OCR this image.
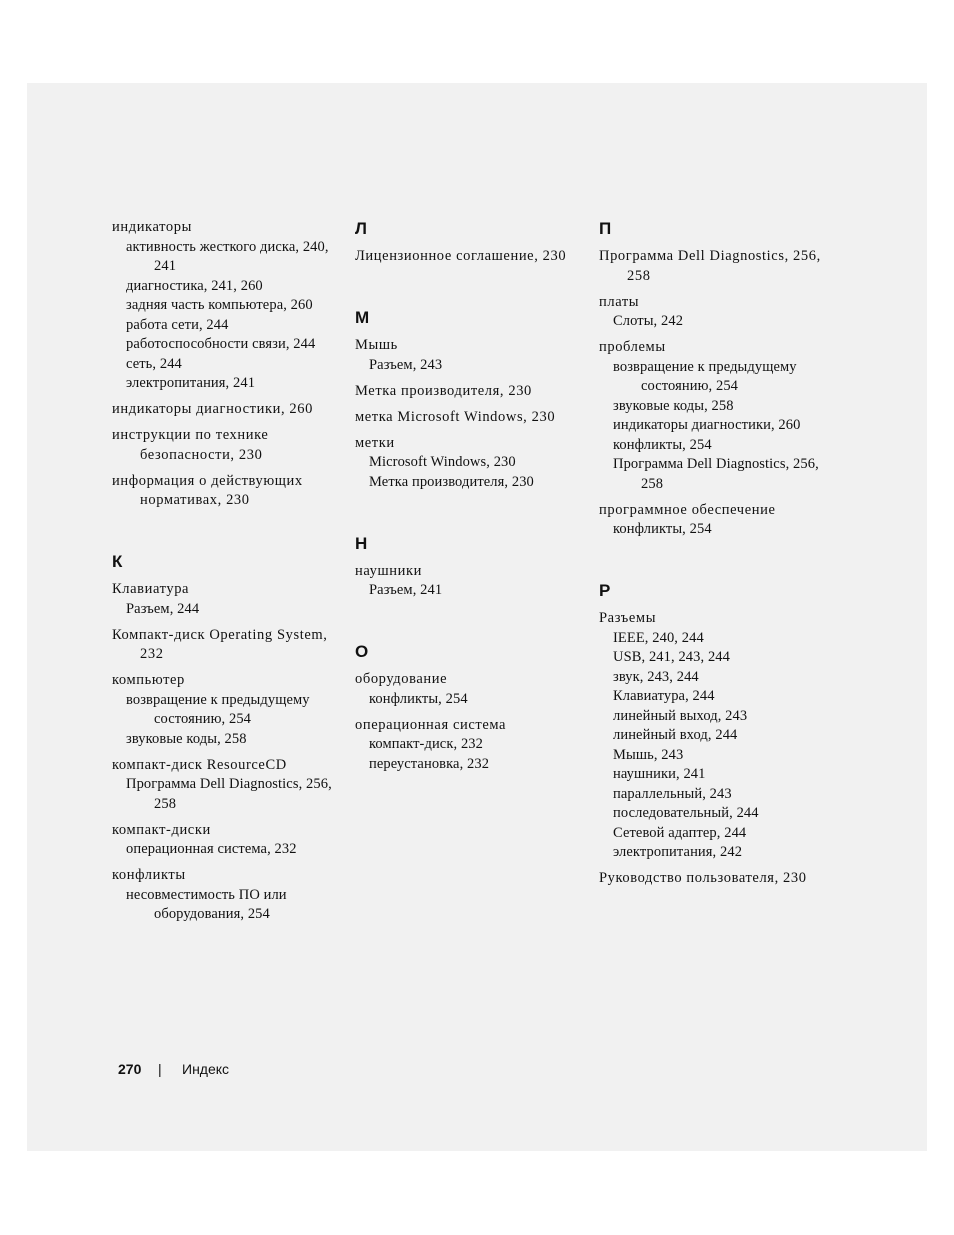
индикаторы
активность жесткого диска, 240, 241
диагностика, 241, 260
задняя часть компьютера, 260
работа сети, 244
работоспособности связи, 244
сеть, 244
электропитания, 241
индикаторы диагностики, 260
инструкции по технике безопасности, 230
информация о действующих нормативах, 230
К
Клавиатура
Разъем, 244
Компакт-диск Operating System, 232
компьютер
возвращение к предыдущему состоянию, 254
звуковые коды, 258
компакт-диск ResourceCD
Программа Dell Diagnostics, 256, 258
компакт-диски
операционная система, 232
конфликты
несовместимость ПО или оборудования, 254
Л
Лицензионное соглашение, 230
М
Мышь
Разъем, 243
Метка производителя, 230
метка Microsoft Windows, 230
метки
Microsoft Windows, 230
Метка производителя, 230
Н
наушники
Разъем, 241
О
оборудование
конфликты, 254
операционная система
компакт-диск, 232
переустановка, 232
П
Программа Dell Diagnostics, 256, 258
платы
Слоты, 242
проблемы
возвращение к предыдущему состоянию, 254
звуковые коды, 258
индикаторы диагностики, 260
конфликты, 254
Программа Dell Diagnostics, 256, 258
программное обеспечение
конфликты, 254
Р
Разъемы
IEEE, 240, 244
USB, 241, 243, 244
звук, 243, 244
Клавиатура, 244
линейный выход, 243
линейный вход, 244
Мышь, 243
наушники, 241
параллельный, 243
последовательный, 244
Сетевой адаптер, 244
электропитания, 242
Руководство пользователя, 230
270 | Индекс
